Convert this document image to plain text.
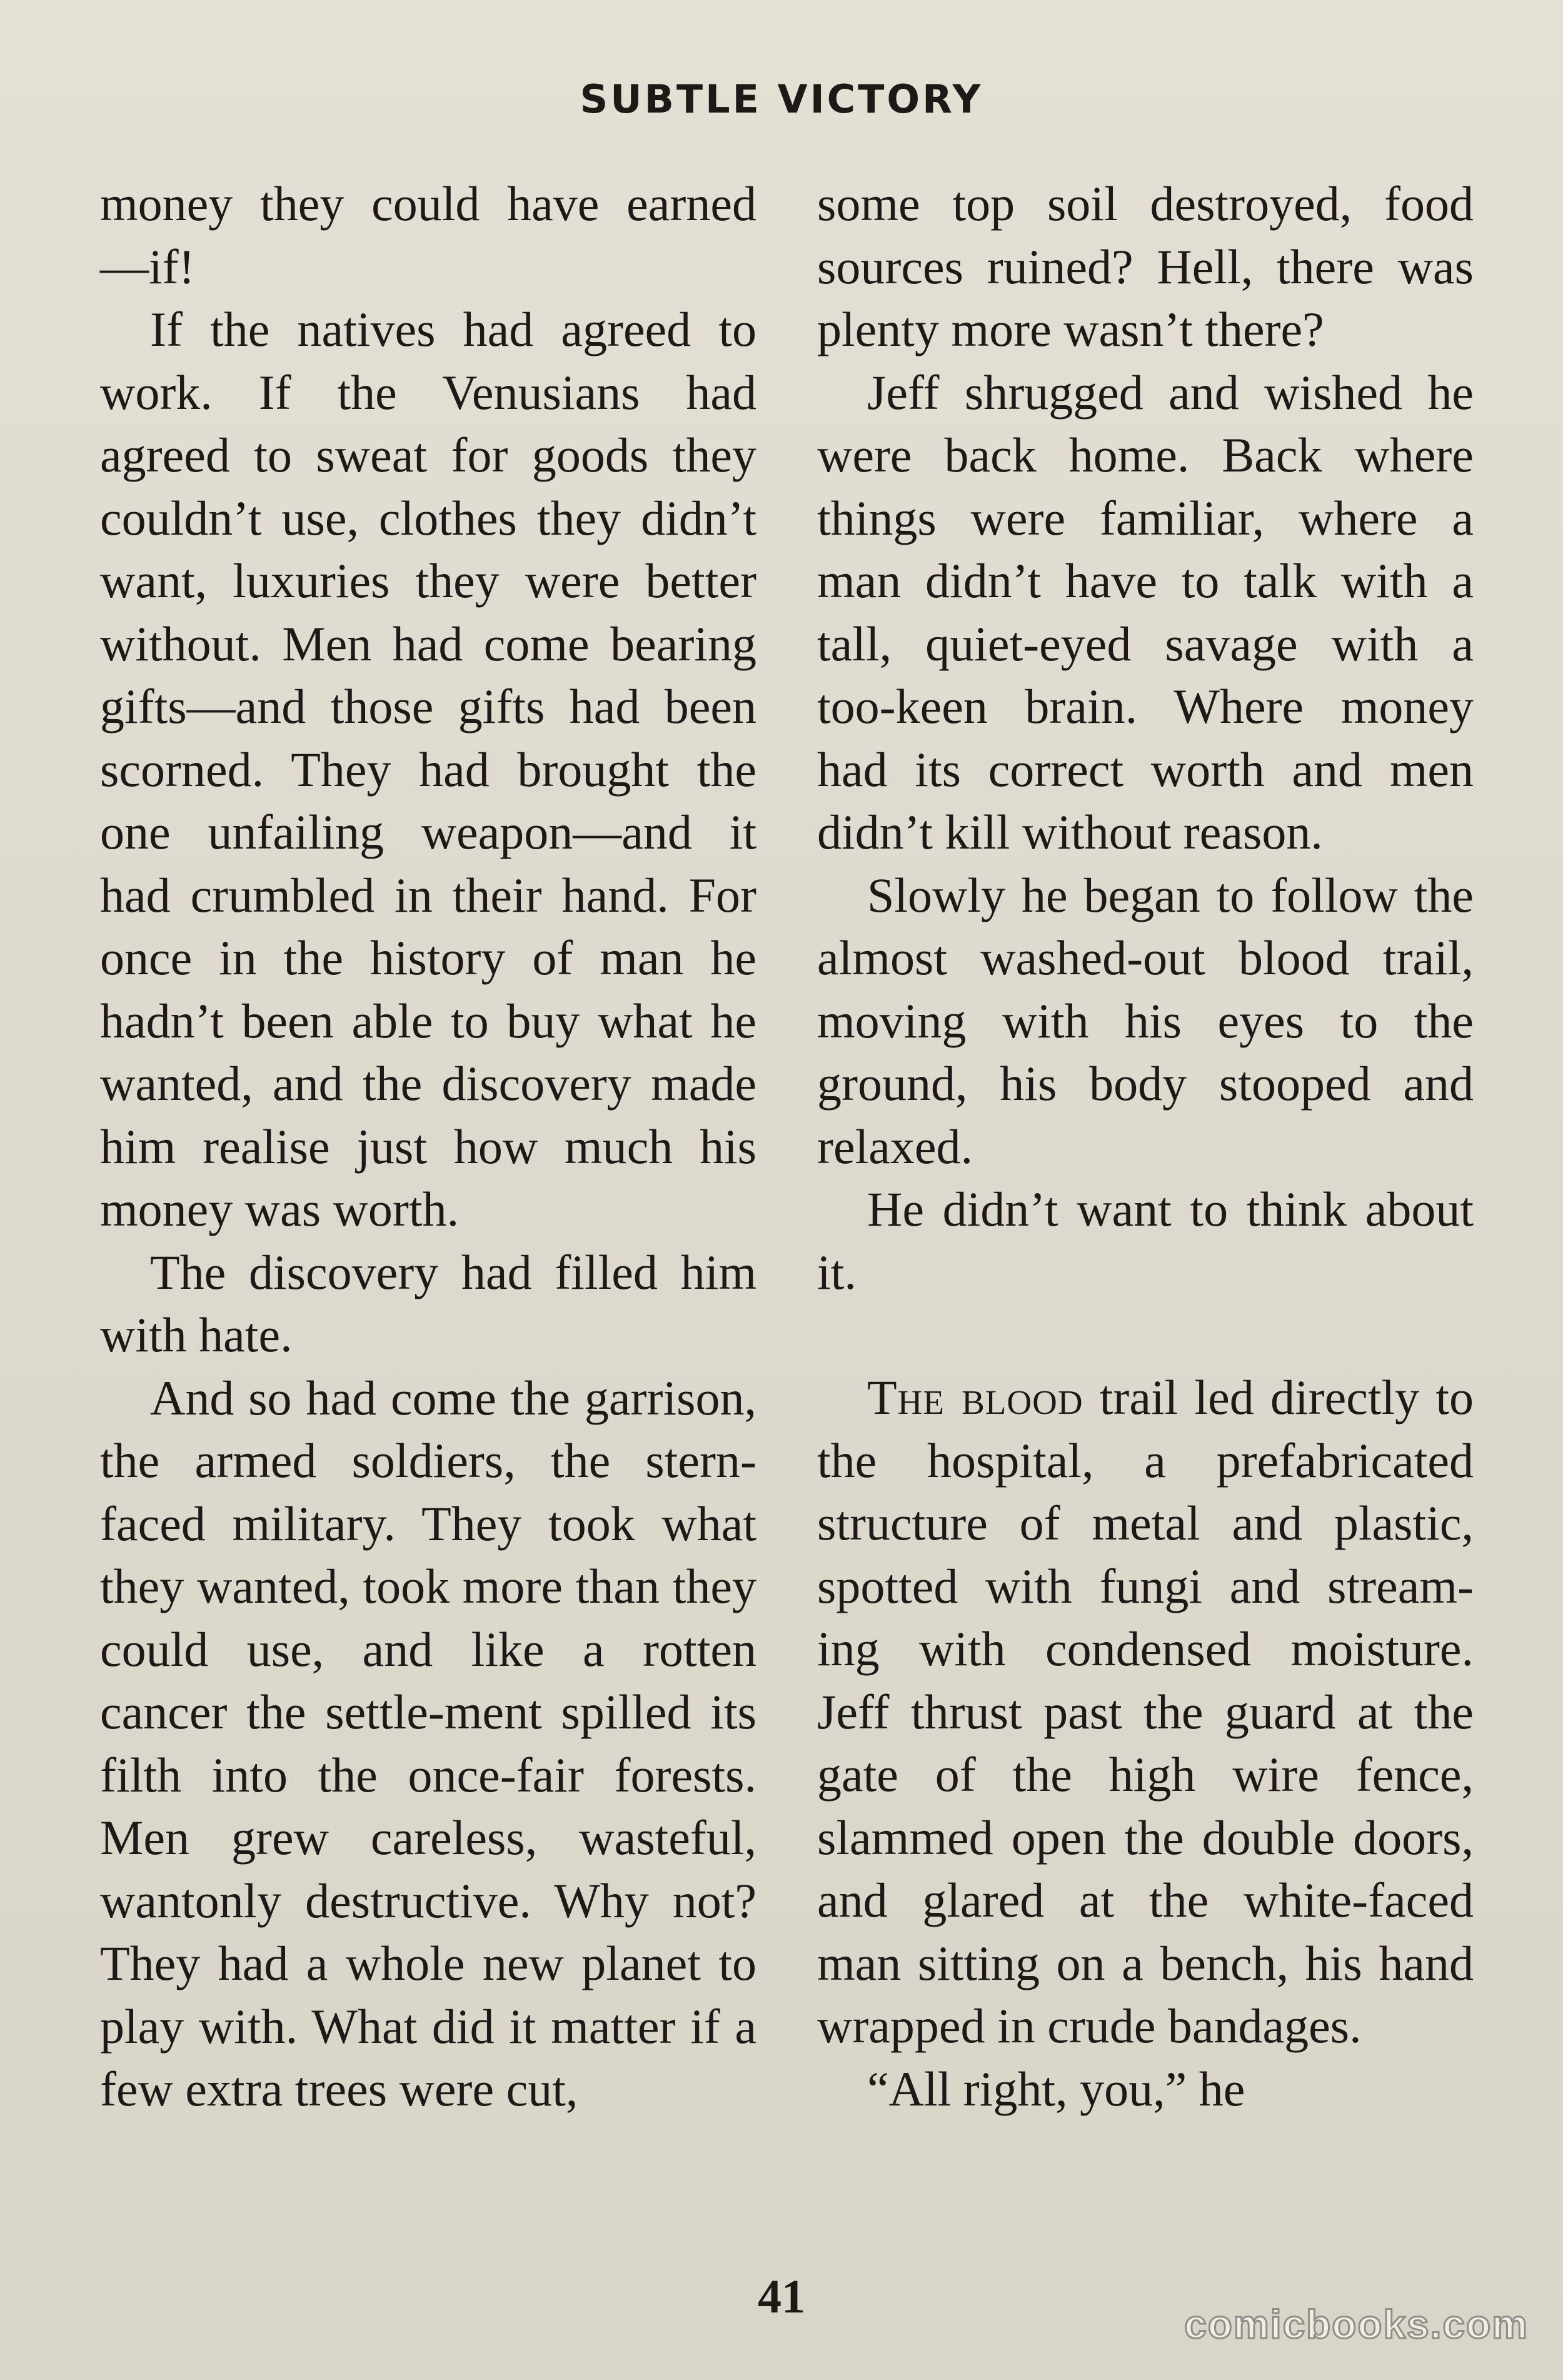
SUBTLE VICTORY

money they could have earned —if!

If the natives had agreed to work. If the Venusians had agreed to sweat for goods they couldn’t use, clothes they didn’t want, luxuries they were better without. Men had come bearing gifts—and those gifts had been scorned. They had brought the one unfailing weapon—and it had crumbled in their hand. For once in the history of man he hadn’t been able to buy what he wanted, and the discovery made him realise just how much his money was worth.

The discovery had filled him with hate.

And so had come the garrison, the armed soldiers, the stern-faced military. They took what they wanted, took more than they could use, and like a rotten cancer the settle-ment spilled its filth into the once-fair forests. Men grew careless, wasteful, wantonly destructive. Why not? They had a whole new planet to play with. What did it matter if a few extra trees were cut,

some top soil destroyed, food sources ruined? Hell, there was plenty more wasn’t there?

Jeff shrugged and wished he were back home. Back where things were familiar, where a man didn’t have to talk with a tall, quiet-eyed savage with a too-keen brain. Where money had its correct worth and men didn’t kill without reason.

Slowly he began to follow the almost washed-out blood trail, moving with his eyes to the ground, his body stooped and relaxed.

He didn’t want to think about it.

The blood trail led directly to the hospital, a prefabricated structure of metal and plastic, spotted with fungi and stream-ing with condensed moisture. Jeff thrust past the guard at the gate of the high wire fence, slammed open the double doors, and glared at the white-faced man sitting on a bench, his hand wrapped in crude bandages.

“All right, you,” he

41
comicbooks.com
